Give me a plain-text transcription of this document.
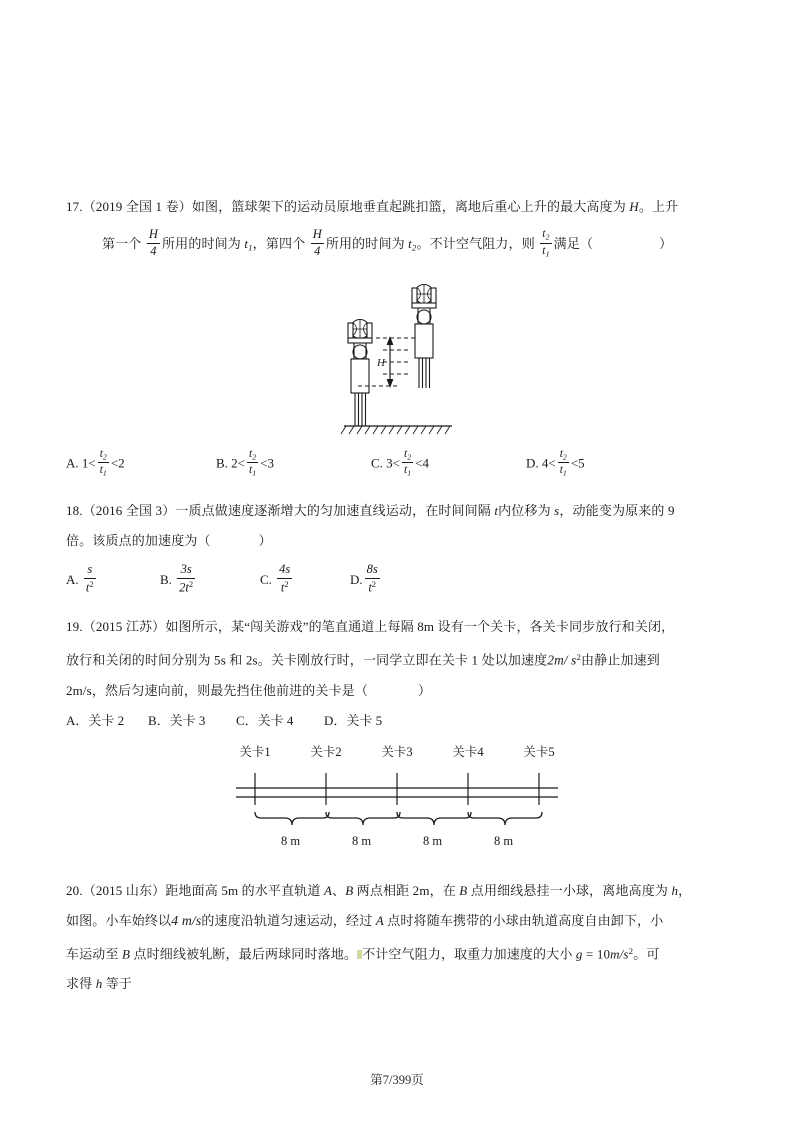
17.（2019 全国 1 卷）如图，篮球架下的运动员原地垂直起跳扣篮，离地后重心上升的最大高度为 H。上升
第一个 $\frac{H}{4}$ 所用的时间为 $t_1$，第四个 $\frac{H}{4}$ 所用的时间为 $t_2$。不计空气阻力，则 $\frac{t_2}{t_1}$ 满足（	）
H
A. $1< \frac{t_2}{t_1} <2$	B. $2< \frac{t_2}{t_1} <3$	C. $3< \frac{t_2}{t_1} <4$	D. $4< \frac{t_2}{t_1} <5$
18.（2016 全国 3）一质点做速度逐渐增大的匀加速直线运动，在时间间隔 t内位移为 s，动能变为原来的 9
倍。该质点的加速度为（	）
A. $\frac{s}{t^2}$	B. $\frac{3s}{2t^2}$	C. $\frac{4s}{t^2}$	D. $\frac{8s}{t^2}$
19.（2015 江苏）如图所示，某“闯关游戏”的笔直通道上每隔 8m 设有一个关卡，各关卡同步放行和关闭，
放行和关闭的时间分别为 5s 和 2s。关卡刚放行时，一同学立即在关卡 1 处以加速度2m/ $s^2$由静止加速到
2m/s，然后匀速向前，则最先挡住他前进的关卡是（	）
A．关卡 2	B．关卡 3	C．关卡 4	D．关卡 5
关卡1	关卡2	关卡3	关卡4	关卡5
8 m	8 m	8 m	8 m
20.（2015 山东）距地面高 5m 的水平直轨道 A、B 两点相距 2m，在 B 点用细线悬挂一小球，离地高度为 h，
如图。小车始终以4 m/s的速度沿轨道匀速运动，经过 A 点时将随车携带的小球由轨道高度自由卸下，小
车运动至 B 点时细线被轧断，最后两球同时落地。 不计空气阻力，取重力加速度的大小 $g = 10m/s^2$。可
求得 h 等于
第7/399页
